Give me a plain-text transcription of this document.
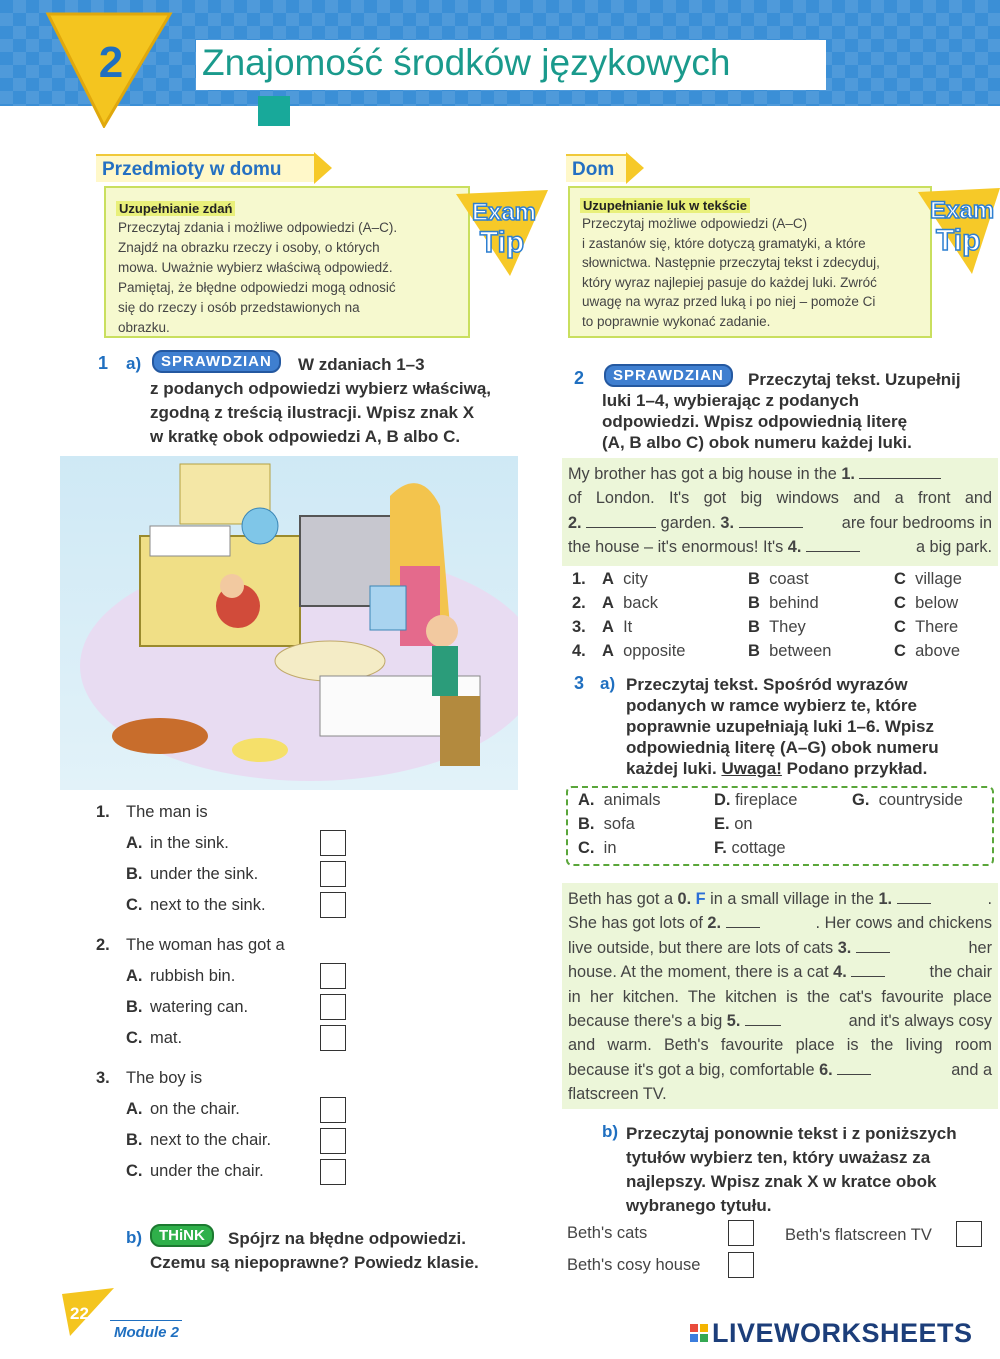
2 Znajomość środków językowych
Przedmioty w domu
Uzupełnianie zdań
Przeczytaj zdania i możliwe odpowiedzi (A–C).
Znajdź na obrazku rzeczy i osoby, o których
mowa. Uważnie wybierz właściwą odpowiedź.
Pamiętaj, że błędne odpowiedzi mogą odnosić
się do rzeczy i osób przedstawionych na
obrazku.
Exam
Tip
1 a)	SPRAWDZIAN	W zdaniach 1–3
z podanych odpowiedzi wybierz właściwą,
zgodną z treścią ilustracji. Wpisz znak X
w kratkę obok odpowiedzi A, B albo C.
1. The man is
A. in the sink.
B. under the sink.
C. next to the sink.
2. The woman has got a
A. rubbish bin.
B. watering can.
C. mat.
3. The boy is
A. on the chair.
B. next to the chair.
C. under the chair.
b)	THiNK	Spójrz na błędne odpowiedzi.
Czemu są niepoprawne? Powiedz klasie.
Dom
Uzupełnianie luk w tekście
Przeczytaj możliwe odpowiedzi (A–C)
i zastanów się, które dotyczą gramatyki, a które
słownictwa. Następnie przeczytaj tekst i zdecyduj,
który wyraz najlepiej pasuje do każdej luki. Zwróć
uwagę na wyraz przed luką i po niej – pomoże Ci
to poprawnie wykonać zadanie.
Exam
Tip
2	SPRAWDZIAN	Przeczytaj tekst. Uzupełnij
luki 1–4, wybierając z podanych
odpowiedzi. Wpisz odpowiednią literę
(A, B albo C) obok numeru każdej luki.
My brother has got a big house in the 1.
of London. It's got big windows and a front and
2.	garden. 3.	are four bedrooms in
the house – it's enormous! It's 4.	a big park.
1. A city	B coast	C village
2. A back	B behind	C below
3. A It	B They	C There
4. A opposite	B between	C above
3 a) Przeczytaj tekst. Spośród wyrazów
podanych w ramce wybierz te, które
poprawnie uzupełniają luki 1–6. Wpisz
odpowiednią literę (A–G) obok numeru
każdej luki. Uwaga! Podano przykład.
A. animals
B. sofa
C. in
D. fireplace
E. on
F. cottage
G. countryside
Beth has got a 0. F in a small village in the 1.	.
She has got lots of 2.	. Her cows and chickens
live outside, but there are lots of cats 3.	her
house. At the moment, there is a cat 4.	the chair
in her kitchen. The kitchen is the cat's favourite place
because there's a big 5.	and it's always cosy
and warm. Beth's favourite place is the living room
because it's got a big, comfortable 6.	and a
flatscreen TV.
b) Przeczytaj ponownie tekst i z poniższych
tytułów wybierz ten, który uważasz za
najlepszy. Wpisz znak X w kratce obok
wybranego tytułu.
Beth's cats	Beth's flatscreen TV
Beth's cosy house
22
Module 2	LIVEWORKSHEETS
